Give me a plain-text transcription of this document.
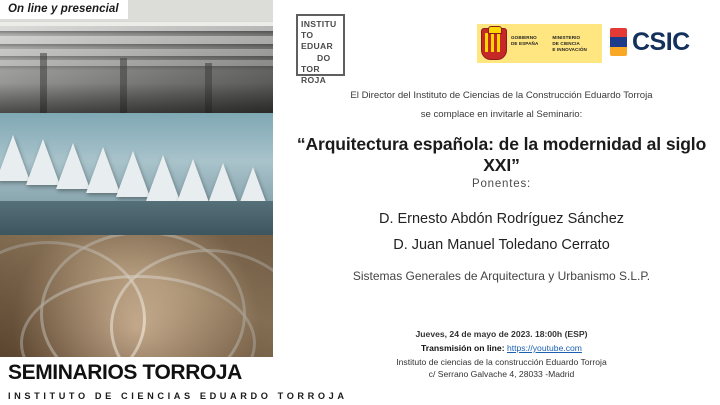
On line y presencial
INSTITU
TO
EDUAR
DO
TOR
ROJA
GOBIERNO
DE ESPAÑA MINISTERIO
DE CIENCIA
E INNOVACIÓN	CSIC
El Director del Instituto de Ciencias de la Construcción Eduardo Torroja
se complace en invitarle al Seminario:
“Arquitectura española: de la modernidad al siglo XXI”
Ponentes:
D. Ernesto Abdón Rodríguez Sánchez
D. Juan Manuel Toledano Cerrato
Sistemas Generales de Arquitectura y Urbanismo S.L.P.
Jueves, 24 de mayo de 2023. 18:00h (ESP)
Transmisión on line: https://youtube.com
Instituto de ciencias de la construcción Eduardo Torroja
c/ Serrano Galvache 4, 28033 -Madrid
SEMINARIOS TORROJA
INSTITUTO DE CIENCIAS EDUARDO TORROJA
